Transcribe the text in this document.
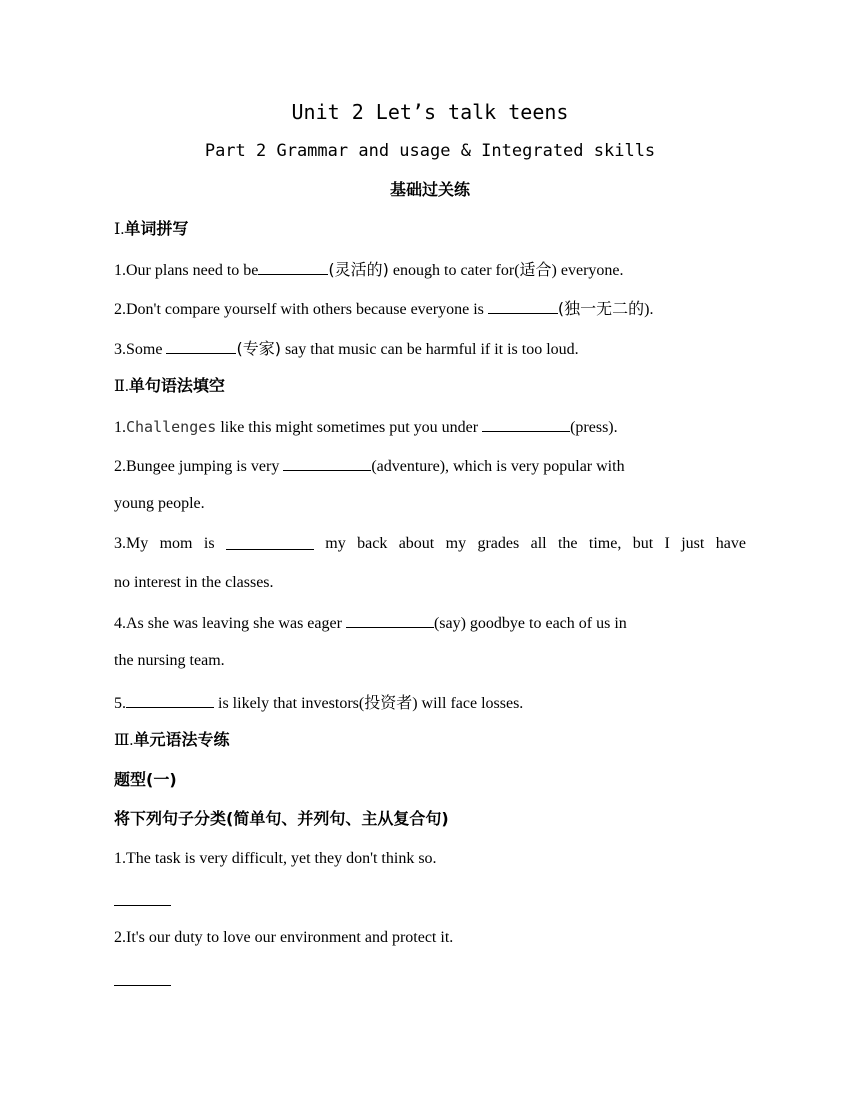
Unit 2 Let’s talk teens
Part 2 Grammar and usage & Integrated skills
基础过关练
Ⅰ.单词拼写
1.Our plans need to be	(灵活的) enough to cater for(适合) everyone.
2.Don't compare yourself with others because everyone is	(独一无二的).
3.Some	(专家) say that music can be harmful if it is too loud.
Ⅱ.单句语法填空
1.Challenges like this might sometimes put you under	(press).
2.Bungee jumping is very	(adventure), which is very popular with
young people.
3.My mom is	my back about my grades all the time, but I just have
no interest in the classes.
4.As she was leaving she was eager	(say) goodbye to each of us in
the nursing team.
5.	is likely that investors(投资者) will face losses.
Ⅲ.单元语法专练
题型(一)
将下列句子分类(简单句、并列句、主从复合句)
1.The task is very difficult, yet they don't think so.
2.It's our duty to love our environment and protect it.
